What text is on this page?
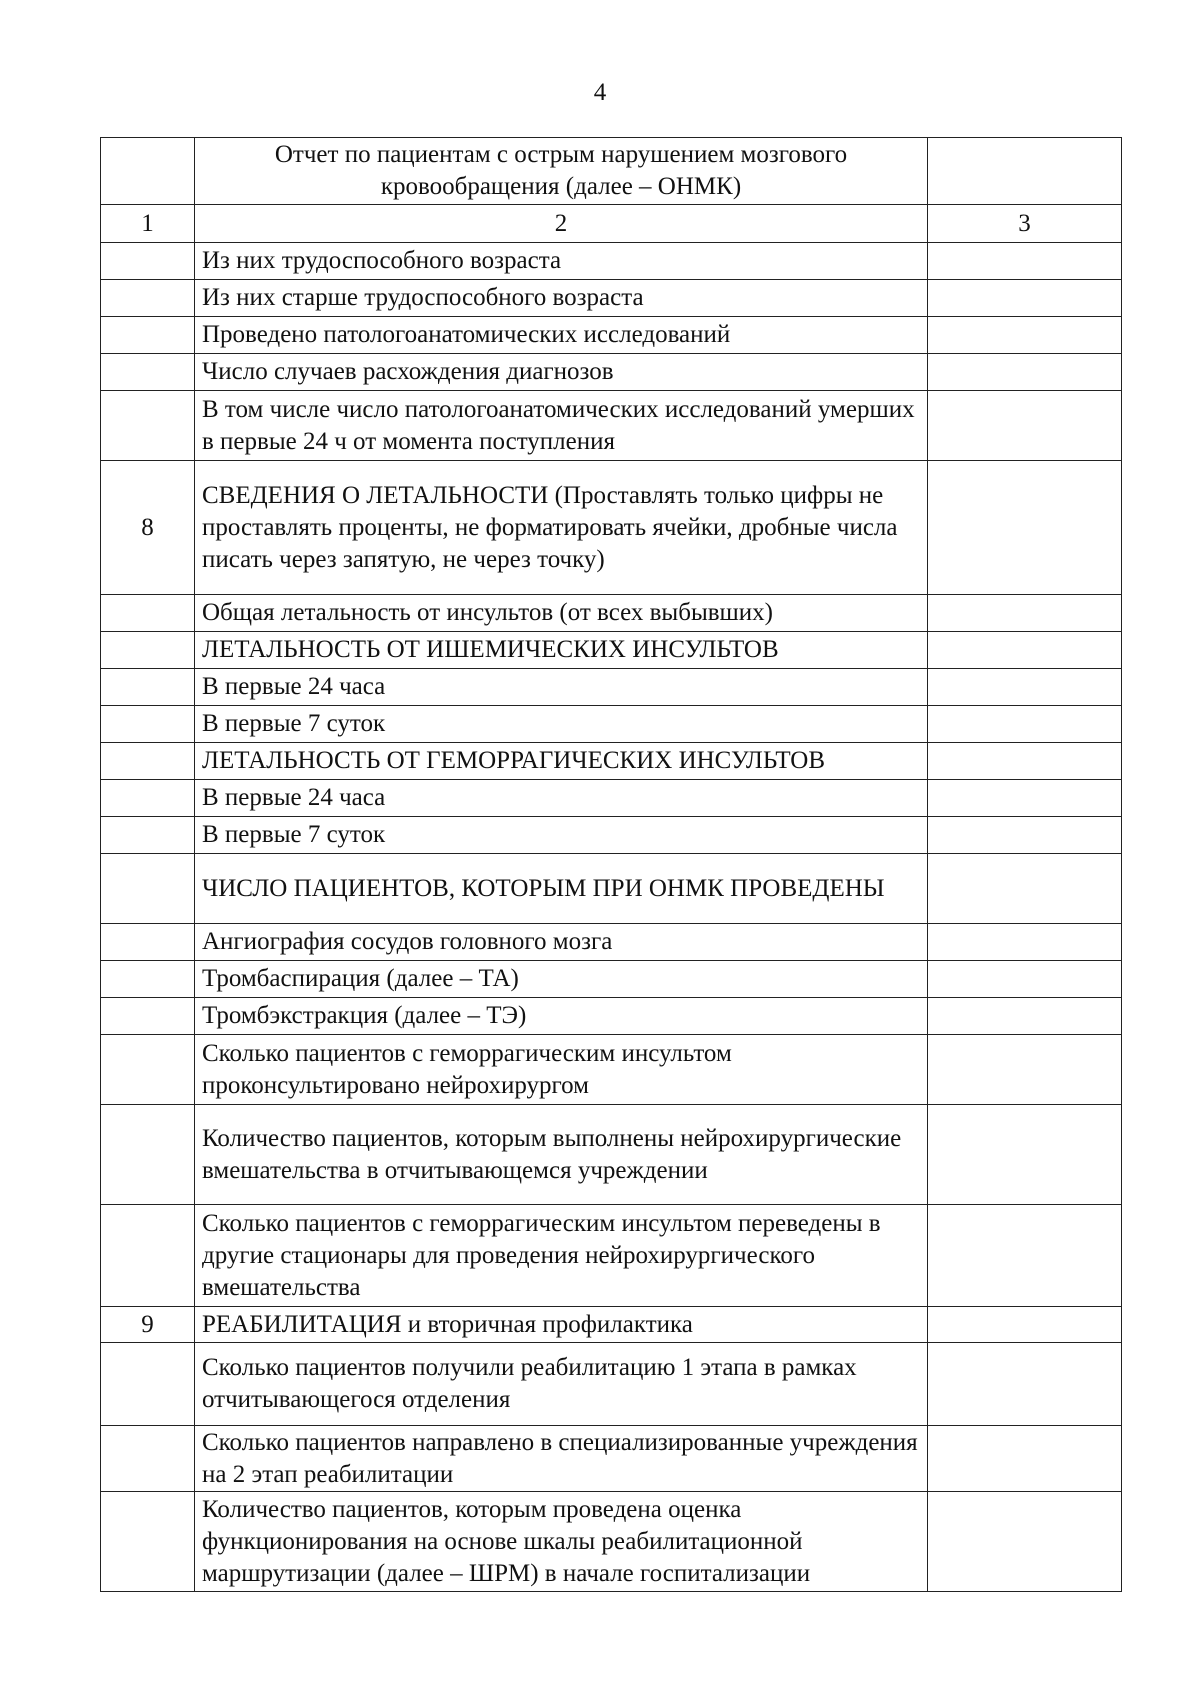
4
	Отчет по пациентам с острым нарушением мозгового кровообращения (далее – ОНМК)	
1	2	3
	Из них трудоспособного возраста	
	Из них старше трудоспособного возраста	
	Проведено патологоанатомических исследований	
	Число случаев расхождения диагнозов	
	В том числе число патологоанатомических исследований умерших в первые 24 ч от момента поступления	
8	СВЕДЕНИЯ О ЛЕТАЛЬНОСТИ (Проставлять только цифры не проставлять проценты, не форматировать ячейки, дробные числа писать через запятую, не через точку)	
	Общая летальность от инсультов (от всех выбывших)	
	ЛЕТАЛЬНОСТЬ ОТ ИШЕМИЧЕСКИХ ИНСУЛЬТОВ	
	В первые 24 часа	
	В первые 7 суток	
	ЛЕТАЛЬНОСТЬ ОТ ГЕМОРРАГИЧЕСКИХ ИНСУЛЬТОВ	
	В первые 24 часа	
	В первые 7 суток	
	ЧИСЛО ПАЦИЕНТОВ, КОТОРЫМ ПРИ ОНМК ПРОВЕДЕНЫ	
	Ангиография сосудов головного мозга	
	Тромбаспирация (далее – ТА)	
	Тромбэкстракция (далее – ТЭ)	
	Сколько пациентов с геморрагическим инсультом проконсультировано нейрохирургом	
	Количество пациентов, которым выполнены нейрохирургические вмешательства в отчитывающемся учреждении	
	Сколько пациентов с геморрагическим инсультом переведены в другие стационары для проведения нейрохирургического вмешательства	
9	РЕАБИЛИТАЦИЯ и вторичная профилактика	
	Сколько пациентов получили реабилитацию 1 этапа в рамках отчитывающегося отделения	
	Сколько пациентов направлено в специализированные учреждения на 2 этап реабилитации	
	Количество пациентов, которым проведена оценка функционирования на основе шкалы реабилитационной маршрутизации (далее – ШРМ) в начале госпитализации	
